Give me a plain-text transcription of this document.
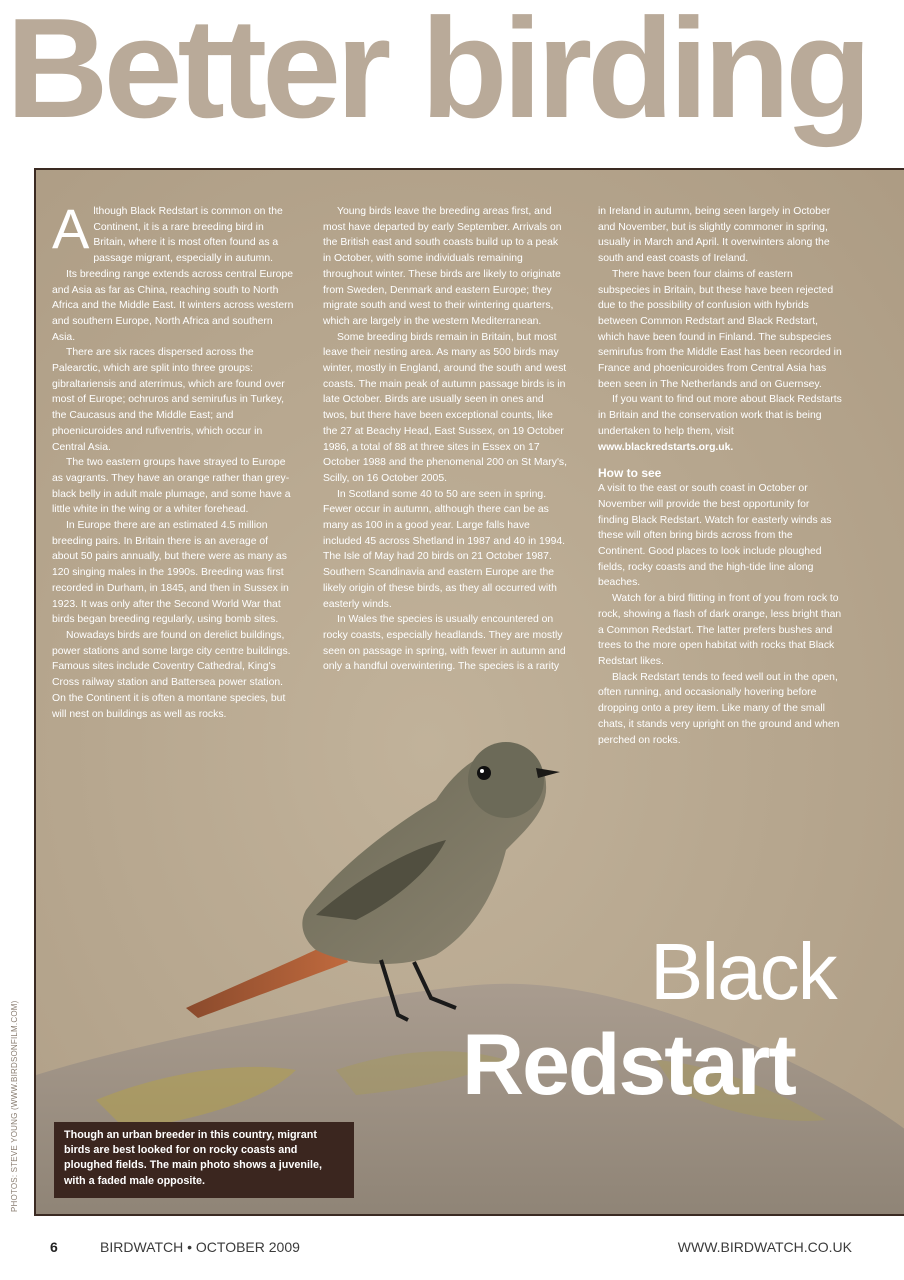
Better birding

Although Black Redstart is common on the Continent, it is a rare breeding bird in Britain, where it is most often found as a passage migrant, especially in autumn.

Its breeding range extends across central Europe and Asia as far as China, reaching south to North Africa and the Middle East. It winters across western and southern Europe, North Africa and southern Asia.

There are six races dispersed across the Palearctic, which are split into three groups: gibraltariensis and aterrimus, which are found over most of Europe; ochruros and semirufus in Turkey, the Caucasus and the Middle East; and phoenicuroides and rufiventris, which occur in Central Asia.

The two eastern groups have strayed to Europe as vagrants. They have an orange rather than grey-black belly in adult male plumage, and some have a little white in the wing or a whiter forehead.

In Europe there are an estimated 4.5 million breeding pairs. In Britain there is an average of about 50 pairs annually, but there were as many as 120 singing males in the 1990s. Breeding was first recorded in Durham, in 1845, and then in Sussex in 1923. It was only after the Second World War that birds began breeding regularly, using bomb sites.

Nowadays birds are found on derelict buildings, power stations and some large city centre buildings. Famous sites include Coventry Cathedral, King's Cross railway station and Battersea power station. On the Continent it is often a montane species, but will nest on buildings as well as rocks.

Young birds leave the breeding areas first, and most have departed by early September. Arrivals on the British east and south coasts build up to a peak in October, with some individuals remaining throughout winter. These birds are likely to originate from Sweden, Denmark and eastern Europe; they migrate south and west to their wintering quarters, which are largely in the western Mediterranean.

Some breeding birds remain in Britain, but most leave their nesting area. As many as 500 birds may winter, mostly in England, around the south and west coasts. The main peak of autumn passage birds is in late October. Birds are usually seen in ones and twos, but there have been exceptional counts, like the 27 at Beachy Head, East Sussex, on 19 October 1986, a total of 88 at three sites in Essex on 17 October 1988 and the phenomenal 200 on St Mary's, Scilly, on 16 October 2005.

In Scotland some 40 to 50 are seen in spring. Fewer occur in autumn, although there can be as many as 100 in a good year. Large falls have included 45 across Shetland in 1987 and 40 in 1994. The Isle of May had 20 birds on 21 October 1987. Southern Scandinavia and eastern Europe are the likely origin of these birds, as they all occurred with easterly winds.

In Wales the species is usually encountered on rocky coasts, especially headlands. They are mostly seen on passage in spring, with fewer in autumn and only a handful overwintering. The species is a rarity

in Ireland in autumn, being seen largely in October and November, but is slightly commoner in spring, usually in March and April. It overwinters along the south and east coasts of Ireland.

There have been four claims of eastern subspecies in Britain, but these have been rejected due to the possibility of confusion with hybrids between Common Redstart and Black Redstart, which have been found in Finland. The subspecies semirufus from the Middle East has been recorded in France and phoenicuroides from Central Asia has been seen in The Netherlands and on Guernsey.

If you want to find out more about Black Redstarts in Britain and the conservation work that is being undertaken to help them, visit www.blackredstarts.org.uk.

How to see

A visit to the east or south coast in October or November will provide the best opportunity for finding Black Redstart. Watch for easterly winds as these will often bring birds across from the Continent. Good places to look include ploughed fields, rocky coasts and the high-tide line along beaches.

Watch for a bird flitting in front of you from rock to rock, showing a flash of dark orange, less bright than a Common Redstart. The latter prefers bushes and trees to the more open habitat with rocks that Black Redstart likes.

Black Redstart tends to feed well out in the open, often running, and occasionally hovering before dropping onto a prey item. Like many of the small chats, it stands very upright on the ground and when perched on rocks.

Black
Redstart
Though an urban breeder in this country, migrant birds are best looked for on rocky coasts and ploughed fields. The main photo shows a juvenile, with a faded male opposite.
PHOTOS: STEVE YOUNG (WWW.BIRDSONFILM.COM)
6	BIRDWATCH • OCTOBER 2009	WWW.BIRDWATCH.CO.UK
